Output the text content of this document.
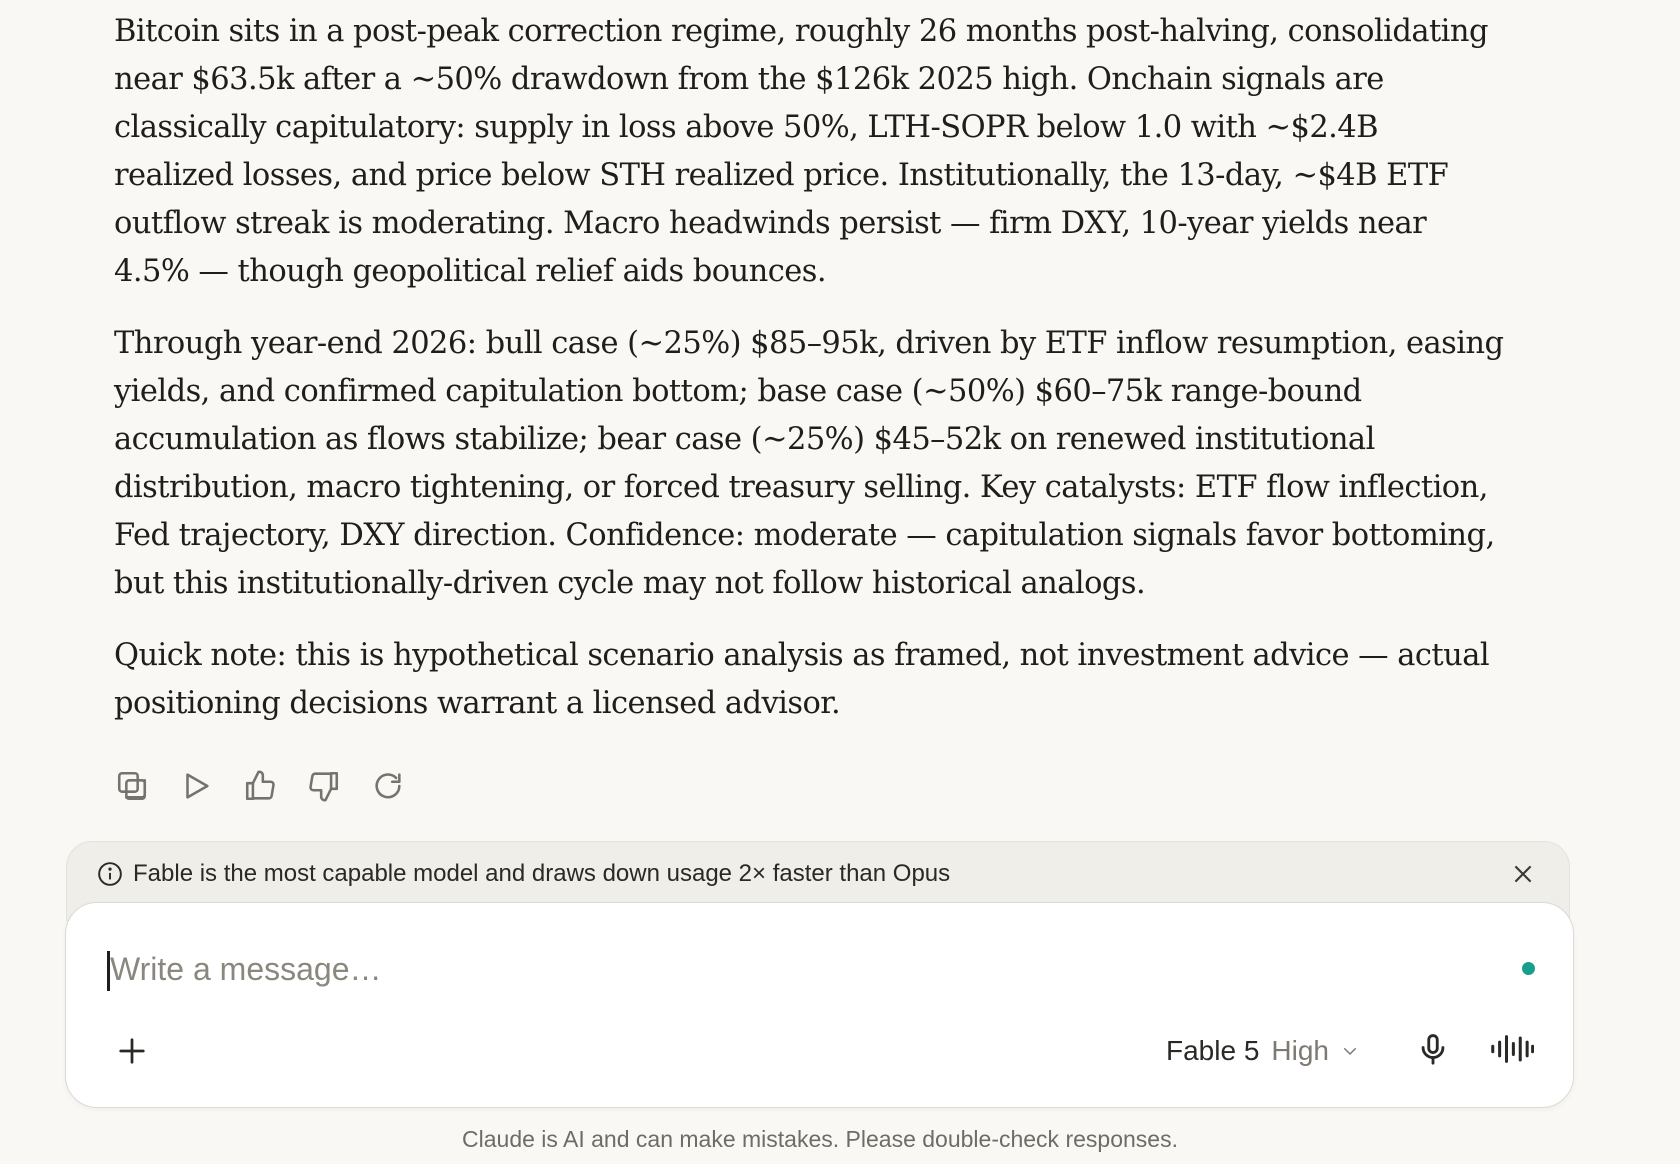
Bitcoin sits in a post-peak correction regime, roughly 26 months post-halving, consolidating near $63.5k after a ~50% drawdown from the $126k 2025 high. Onchain signals are classically capitulatory: supply in loss above 50%, LTH-SOPR below 1.0 with ~$2.4B realized losses, and price below STH realized price. Institutionally, the 13-day, ~$4B ETF outflow streak is moderating. Macro headwinds persist — firm DXY, 10-year yields near 4.5% — though geopolitical relief aids bounces.

Through year-end 2026: bull case (~25%) $85–95k, driven by ETF inflow resumption, easing yields, and confirmed capitulation bottom; base case (~50%) $60–75k range-bound accumulation as flows stabilize; bear case (~25%) $45–52k on renewed institutional distribution, macro tightening, or forced treasury selling. Key catalysts: ETF flow inflection, Fed trajectory, DXY direction. Confidence: moderate — capitulation signals favor bottoming, but this institutionally-driven cycle may not follow historical analogs.

Quick note: this is hypothetical scenario analysis as framed, not investment advice — actual positioning decisions warrant a licensed advisor.

Fable is the most capable model and draws down usage 2× faster than Opus
Write a message…
Fable 5 High
Claude is AI and can make mistakes. Please double-check responses.
